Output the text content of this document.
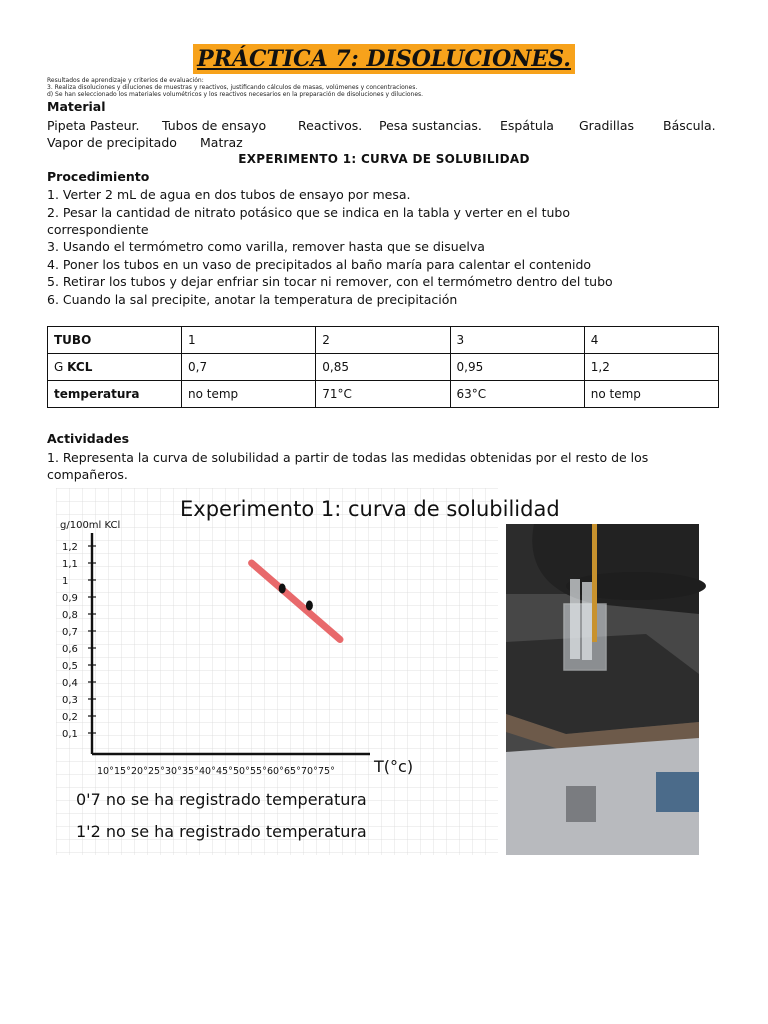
PRÁCTICA 7: DISOLUCIONES.
Resultados de aprendizaje y criterios de evaluación:
3. Realiza disoluciones y diluciones de muestras y reactivos, justificando cálculos de masas, volúmenes y concentraciones.
d) Se han seleccionado los materiales volumétricos y los reactivos necesarios en la preparación de disoluciones y diluciones.
Material
Pipeta Pasteur. Tubos de ensayo	Reactivos. Pesa sustancias. Espátula Gradillas Báscula.
Vapor de precipitado Matraz
EXPERIMENTO 1: CURVA DE SOLUBILIDAD
Procedimiento
1. Verter 2 mL de agua en dos tubos de ensayo por mesa.
2. Pesar la cantidad de nitrato potásico que se indica en la tabla y verter en el tubo
correspondiente
3. Usando el termómetro como varilla, remover hasta que se disuelva
4. Poner los tubos en un vaso de precipitados al baño maría para calentar el contenido
5. Retirar los tubos y dejar enfriar sin tocar ni remover, con el termómetro dentro del tubo
6. Cuando la sal precipite, anotar la temperatura de precipitación
TUBO	1	2	3	4
G KCL	0,7	0,85	0,95	1,2
temperatura	no temp	71°C	63°C	no temp
Actividades
1. Representa la curva de solubilidad a partir de todas las medidas obtenidas por el resto de los
compañeros.
Experimento 1: curva de solubilidad
g/100ml KCl
T(°c)
0,1
0,2
0,3
0,4
0,5
0,6
0,7
0,8
0,9
1
1,1
1,2
10° 15° 20° 25° 30° 35° 40° 45° 50° 55° 60° 65° 70° 75°
0'7 no se ha registrado temperatura
1'2 no se ha registrado temperatura
